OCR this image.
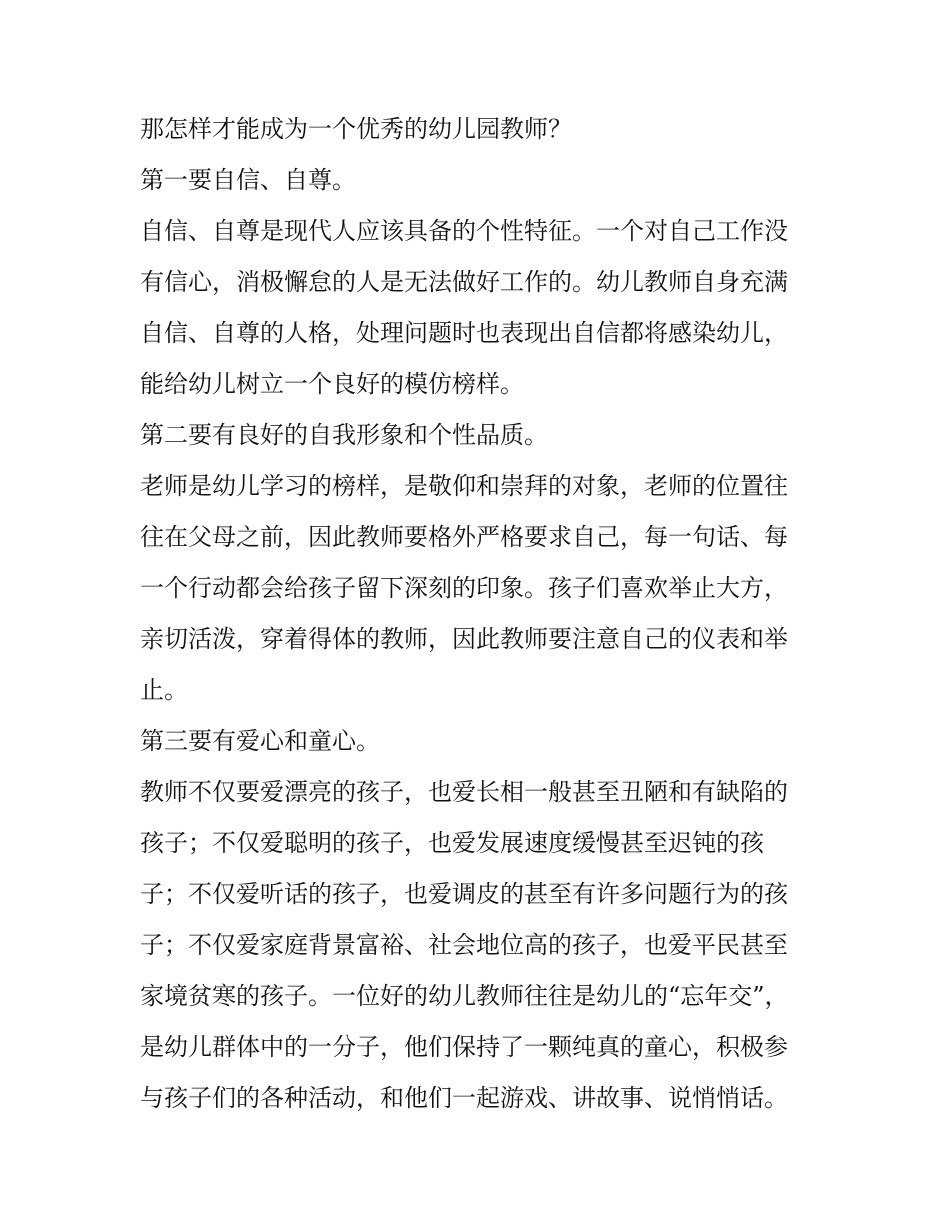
那怎样才能成为一个优秀的幼儿园教师？
第一要自信、自尊。
自信、自尊是现代人应该具备的个性特征。一个对自己工作没
有信心，消极懈怠的人是无法做好工作的。幼儿教师自身充满
自信、自尊的人格，处理问题时也表现出自信都将感染幼儿，
能给幼儿树立一个良好的模仿榜样。
第二要有良好的自我形象和个性品质。
老师是幼儿学习的榜样，是敬仰和崇拜的对象，老师的位置往
往在父母之前，因此教师要格外严格要求自己，每一句话、每
一个行动都会给孩子留下深刻的印象。孩子们喜欢举止大方，
亲切活泼，穿着得体的教师，因此教师要注意自己的仪表和举
止。
第三要有爱心和童心。
教师不仅要爱漂亮的孩子，也爱长相一般甚至丑陋和有缺陷的
孩子；不仅爱聪明的孩子，也爱发展速度缓慢甚至迟钝的孩
子；不仅爱听话的孩子，也爱调皮的甚至有许多问题行为的孩
子；不仅爱家庭背景富裕、社会地位高的孩子，也爱平民甚至
家境贫寒的孩子。一位好的幼儿教师往往是幼儿的“忘年交”，
是幼儿群体中的一分子，他们保持了一颗纯真的童心，积极参
与孩子们的各种活动，和他们一起游戏、讲故事、说悄悄话。
